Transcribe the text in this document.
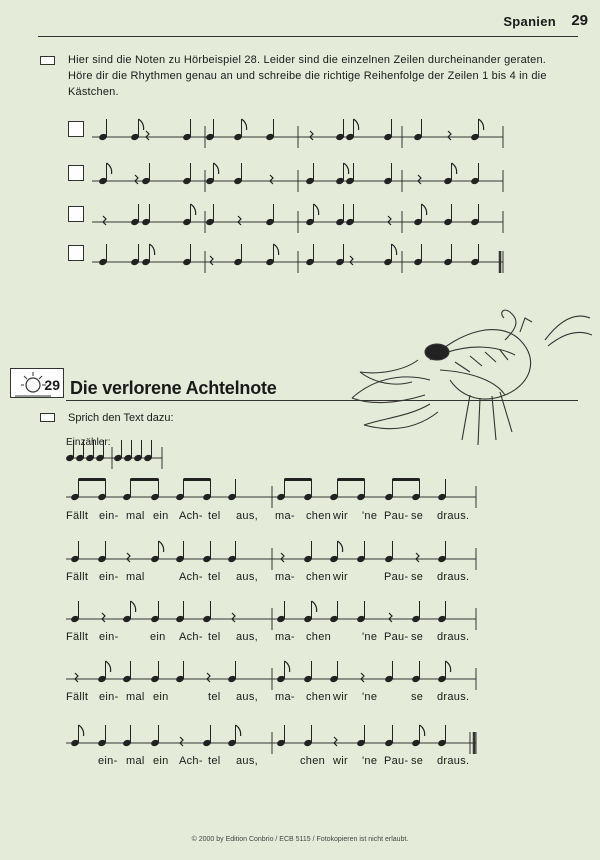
Spanien 29
Hier sind die Noten zu Hörbeispiel 28. Leider sind die einzelnen Zeilen durcheinander geraten. Höre dir die Rhythmen genau an und schreibe die richtige Reihenfolge der Zeilen 1 bis 4 in die Kästchen.
29 Die verlorene Achtelnote
Sprich den Text dazu:
Einzähler:
Fällt ein- mal ein Ach- tel aus, ma- chen wir 'ne Pau- se draus.
Fällt ein- mal	Ach- tel aus, ma- chen wir	Pau- se draus.
Fällt ein-	ein Ach- tel aus, ma- chen	'ne Pau- se draus.
Fällt ein- mal ein	tel aus, ma- chen wir 'ne	se draus.
ein- mal ein Ach- tel aus,	chen wir 'ne Pau- se draus.
© 2000 by Edition Conbrio / ECB 5115 / Fotokopieren ist nicht erlaubt.
